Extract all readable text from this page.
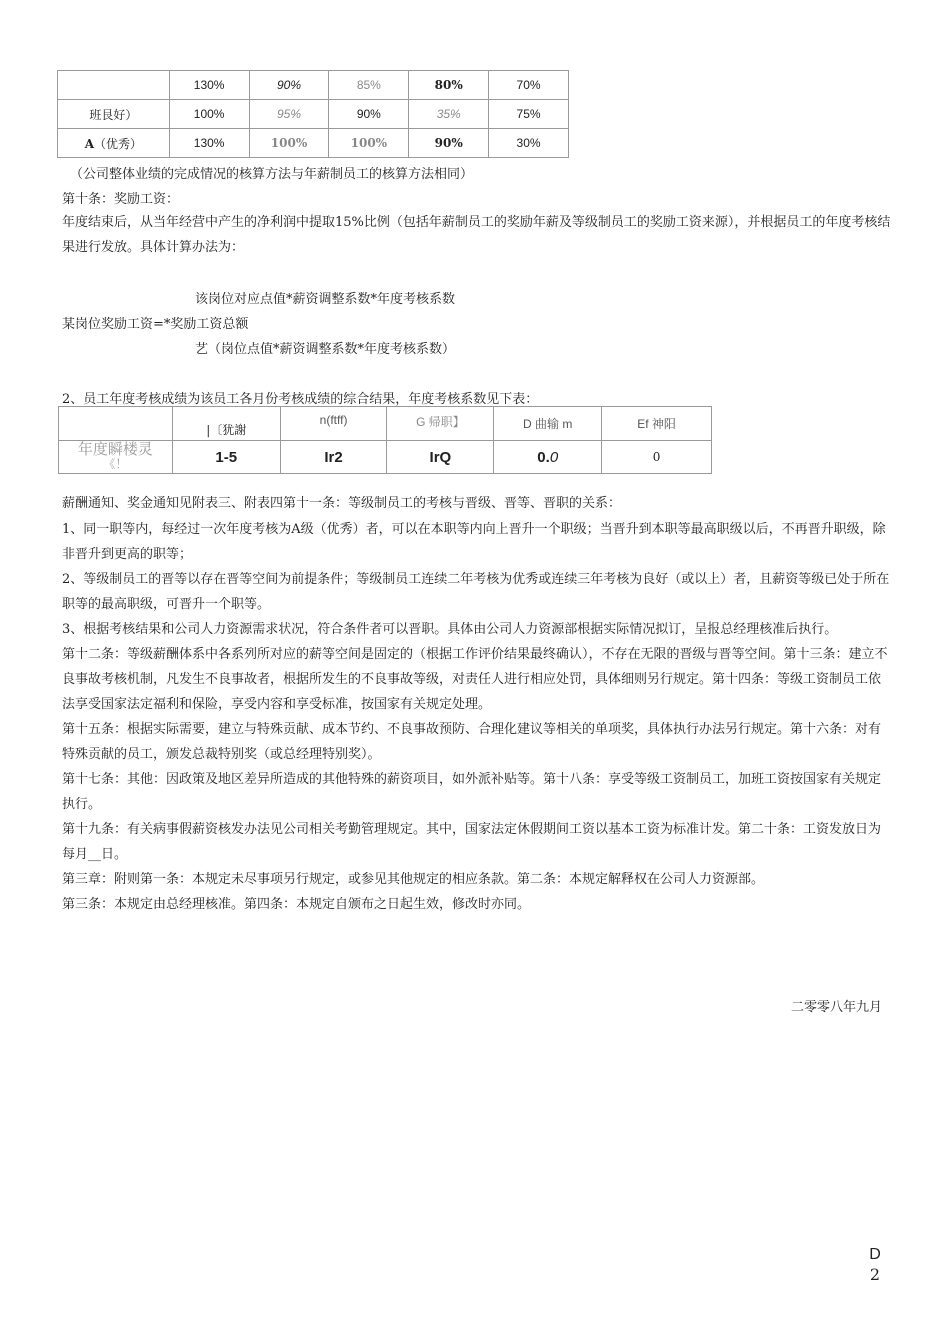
	130%	90%	85%	80%	70%
班艮好）	100%	95%	90%	35%	75%
A（优秀）	130%	100%	100%	90%	30%
（公司整体业绩的完成情况的核算方法与年薪制员工的核算方法相同）
第十条：奖励工资：
年度结束后，从当年经营中产生的净利润中提取15%比例（包括年薪制员工的奖励年薪及等级制员工的奖励工资来源），并根据员工的年度考核结果进行发放。具体计算办法为：
该岗位对应点值*薪资调整系数*年度考核系数
某岗位奖励工资=*奖励工资总额
艺（岗位点值*薪资调整系数*年度考核系数）
2、员工年度考核成绩为该员工各月份考核成绩的综合结果，年度考核系数见下表：
	|〔犹謝	n(ftff)	G 帰职】	D 曲输 m	Ef 神阳

年度瞬楼灵
《！	1-5	Ir2	IrQ	0.0	0
薪酬通知、奖金通知见附表三、附表四第十一条：等级制员工的考核与晋级、晋等、晋职的关系：
1、同一职等内，每经过一次年度考核为A级（优秀）者，可以在本职等内向上晋升一个职级；当晋升到本职等最高职级以后，不再晋升职级，除非晋升到更高的职等；
2、等级制员工的晋等以存在晋等空间为前提条件；等级制员工连续二年考核为优秀或连续三年考核为良好（或以上）者，且薪资等级已处于所在职等的最高职级，可晋升一个职等。
3、根据考核结果和公司人力资源需求状况，符合条件者可以晋职。具体由公司人力资源部根据实际情况拟订，呈报总经理核准后执行。
第十二条：等级薪酬体系中各系列所对应的薪等空间是固定的（根据工作评价结果最终确认），不存在无限的晋级与晋等空间。第十三条：建立不良事故考核机制，凡发生不良事故者，根据所发生的不良事故等级，对责任人进行相应处罚，具体细则另行规定。第十四条：等级工资制员工依法享受国家法定福利和保险，享受内容和享受标准，按国家有关规定处理。
第十五条：根据实际需要，建立与特殊贡献、成本节约、不良事故预防、合理化建议等相关的单项奖，具体执行办法另行规定。第十六条：对有特殊贡献的员工，颁发总裁特别奖（或总经理特别奖）。
第十七条：其他：因政策及地区差异所造成的其他特殊的薪资项目，如外派补贴等。第十八条：享受等级工资制员工，加班工资按国家有关规定执行。
第十九条：有关病事假薪资核发办法见公司相关考勤管理规定。其中，国家法定休假期间工资以基本工资为标准计发。第二十条：工资发放日为每月__日。
第三章：附则第一条：本规定未尽事项另行规定，或参见其他规定的相应条款。第二条：本规定解释权在公司人力资源部。
第三条：本规定由总经理核准。第四条：本规定自颁布之日起生效，修改时亦同。
二零零八年九月
D
2
